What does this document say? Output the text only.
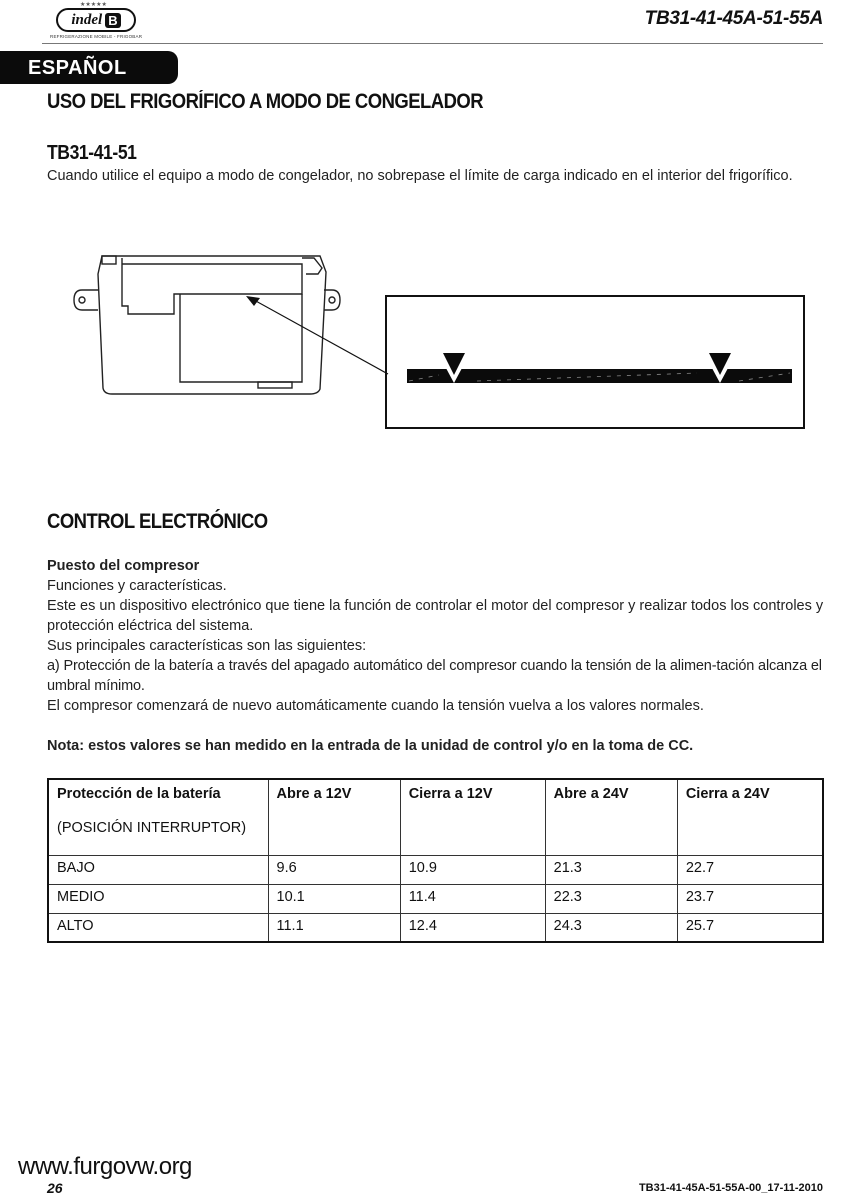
★★★★★
indel B
REFRIGERAZIONE MOBILE - FRIGOBAR
TB31-41-45A-51-55A
ESPAÑOL
USO DEL FRIGORÍFICO A MODO DE CONGELADOR
TB31-41-51
Cuando utilice el equipo a modo de congelador, no sobrepase el límite de carga indicado en el interior del frigorífico.
CONTROL ELECTRÓNICO
Puesto del compresor
Funciones y características.
Este es un dispositivo electrónico que tiene la función de controlar el motor del compresor y realizar todos los controles y protección eléctrica del sistema.
Sus principales características son las siguientes:
a) Protección de la batería a través del apagado automático del compresor cuando la tensión de la alimen-tación alcanza el umbral mínimo.
El compresor comenzará de nuevo automáticamente cuando la tensión vuelva a los valores normales.
Nota: estos valores se han medido en la entrada de la unidad de control y/o en la toma de CC.
Protección de la batería
(POSICIÓN INTERRUPTOR)	Abre a 12V	Cierra a 12V	Abre a 24V	Cierra a 24V
BAJO	9.6	10.9	21.3	22.7
MEDIO	10.1	11.4	22.3	23.7
ALTO	11.1	12.4	24.3	25.7
www.furgovw.org
26	TB31-41-45A-51-55A-00_17-11-2010
